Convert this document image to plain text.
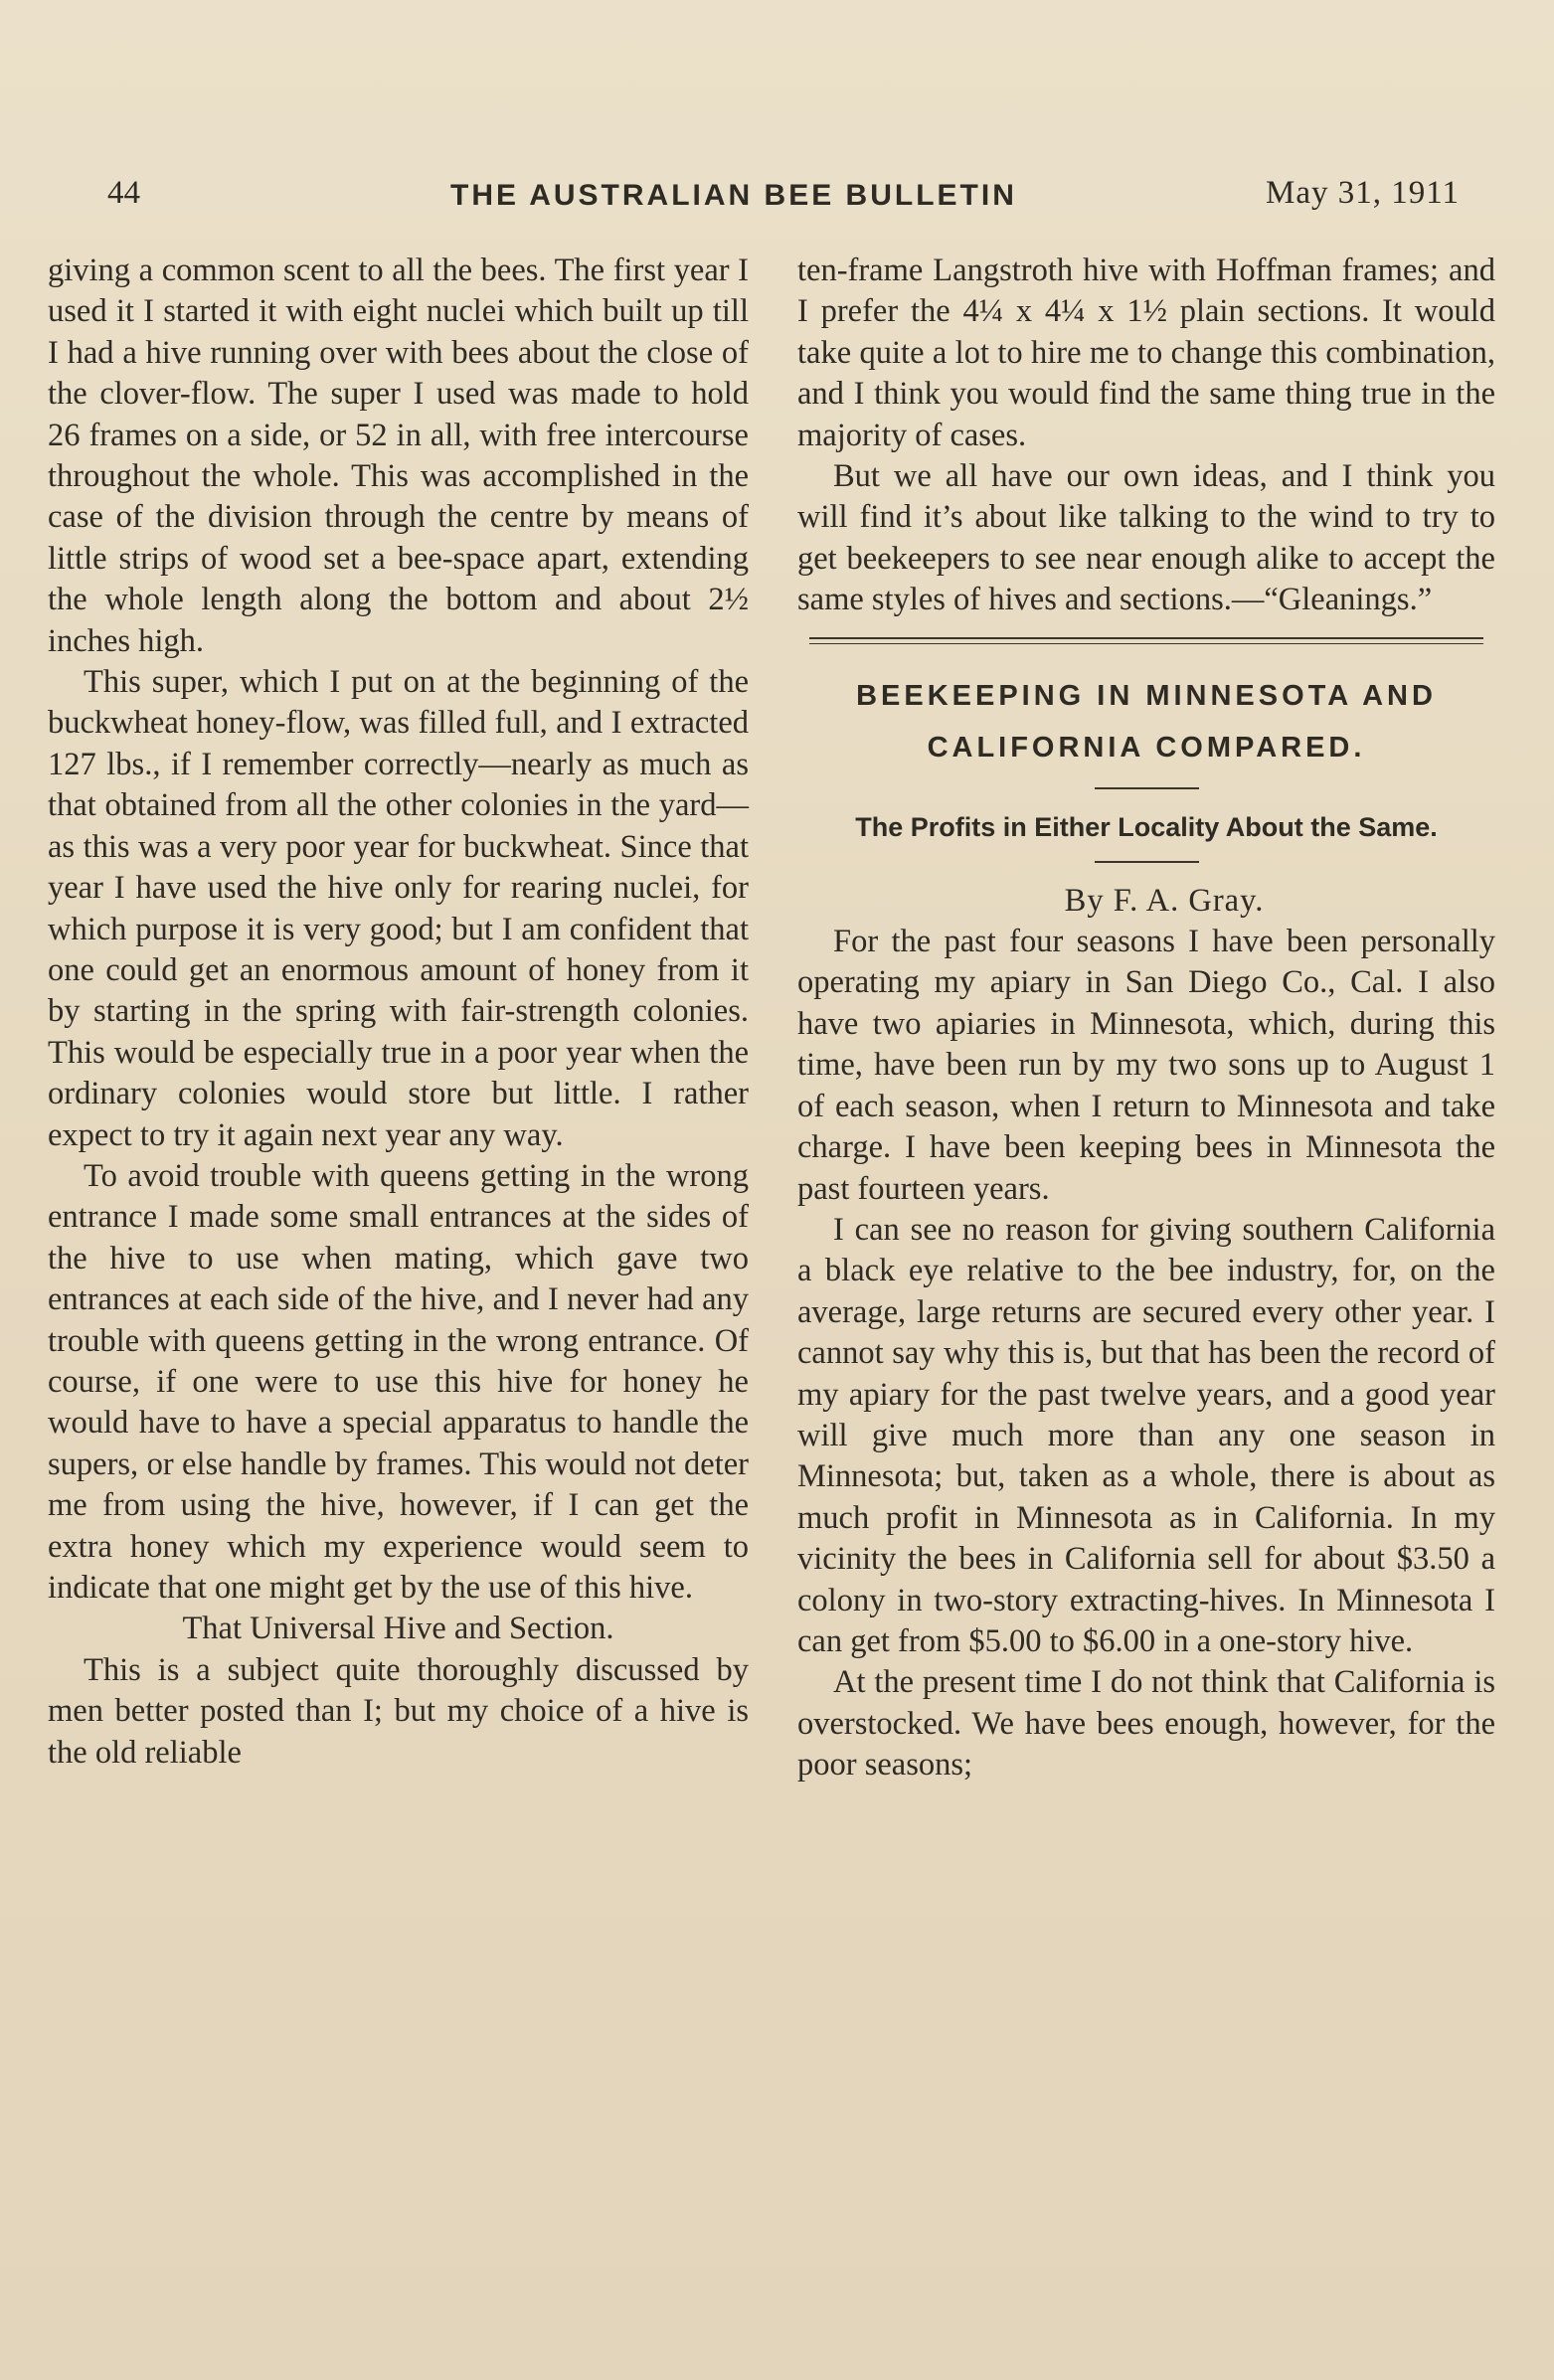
44	THE AUSTRALIAN BEE BULLETIN	May 31, 1911

giving a common scent to all the bees. The first year I used it I started it with eight nuclei which built up till I had a hive running over with bees about the close of the clover-flow. The super I used was made to hold 26 frames on a side, or 52 in all, with free intercourse throughout the whole. This was accomplished in the case of the division through the centre by means of little strips of wood set a bee-space apart, extending the whole length along the bottom and about 2½ inches high.

This super, which I put on at the beginning of the buckwheat honey-flow, was filled full, and I extracted 127 lbs., if I remember correctly—nearly as much as that obtained from all the other colonies in the yard—as this was a very poor year for buckwheat. Since that year I have used the hive only for rearing nuclei, for which purpose it is very good; but I am confident that one could get an enormous amount of honey from it by starting in the spring with fair-strength colonies. This would be especially true in a poor year when the ordinary colonies would store but little. I rather expect to try it again next year any way.

To avoid trouble with queens getting in the wrong entrance I made some small entrances at the sides of the hive to use when mating, which gave two entrances at each side of the hive, and I never had any trouble with queens getting in the wrong entrance. Of course, if one were to use this hive for honey he would have to have a special apparatus to handle the supers, or else handle by frames. This would not deter me from using the hive, however, if I can get the extra honey which my experience would seem to indicate that one might get by the use of this hive.

That Universal Hive and Section.

This is a subject quite thoroughly discussed by men better posted than I; but my choice of a hive is the old reliable

ten-frame Langstroth hive with Hoffman frames; and I prefer the 4¼ x 4¼ x 1½ plain sections. It would take quite a lot to hire me to change this combination, and I think you would find the same thing true in the majority of cases.

But we all have our own ideas, and I think you will find it’s about like talking to the wind to try to get beekeepers to see near enough alike to accept the same styles of hives and sections.—“Gleanings.”

BEEKEEPING IN MINNESOTA AND CALIFORNIA COMPARED.
The Profits in Either Locality About the Same.

By F. A. Gray.

For the past four seasons I have been personally operating my apiary in San Diego Co., Cal. I also have two apiaries in Minnesota, which, during this time, have been run by my two sons up to August 1 of each season, when I return to Minnesota and take charge. I have been keeping bees in Minnesota the past fourteen years.

I can see no reason for giving southern California a black eye relative to the bee industry, for, on the average, large returns are secured every other year. I cannot say why this is, but that has been the record of my apiary for the past twelve years, and a good year will give much more than any one season in Minnesota; but, taken as a whole, there is about as much profit in Minnesota as in California. In my vicinity the bees in California sell for about $3.50 a colony in two-story extracting-hives. In Minnesota I can get from $5.00 to $6.00 in a one-story hive.

At the present time I do not think that California is overstocked. We have bees enough, however, for the poor seasons;
